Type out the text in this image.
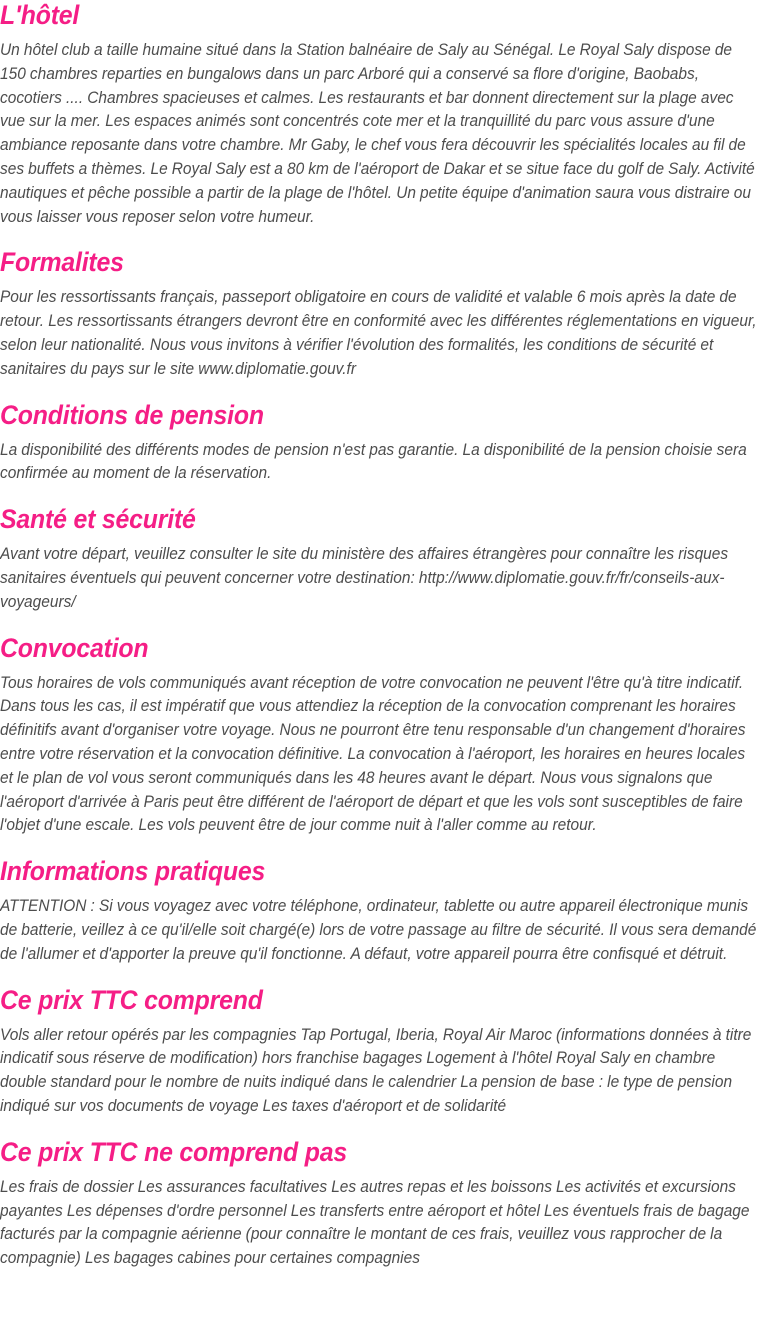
L'hôtel

Un hôtel club a taille humaine situé dans la Station balnéaire de Saly au Sénégal. Le Royal Saly dispose de 150 chambres reparties en bungalows dans un parc Arboré qui a conservé sa flore d'origine, Baobabs, cocotiers .... Chambres spacieuses et calmes. Les restaurants et bar donnent directement sur la plage avec vue sur la mer. Les espaces animés sont concentrés cote mer et la tranquillité du parc vous assure d'une ambiance reposante dans votre chambre. Mr Gaby, le chef vous fera découvrir les spécialités locales au fil de ses buffets a thèmes. Le Royal Saly est a 80 km de l'aéroport de Dakar et se situe face du golf de Saly. Activité nautiques et pêche possible a partir de la plage de l'hôtel. Un petite équipe d'animation saura vous distraire ou vous laisser vous reposer selon votre humeur.

Formalites

Pour les ressortissants français, passeport obligatoire en cours de validité et valable 6 mois après la date de retour. Les ressortissants étrangers devront être en conformité avec les différentes réglementations en vigueur, selon leur nationalité. Nous vous invitons à vérifier l'évolution des formalités, les conditions de sécurité et sanitaires du pays sur le site www.diplomatie.gouv.fr

Conditions de pension

La disponibilité des différents modes de pension n'est pas garantie. La disponibilité de la pension choisie sera confirmée au moment de la réservation.

Santé et sécurité

Avant votre départ, veuillez consulter le site du ministère des affaires étrangères pour connaître les risques sanitaires éventuels qui peuvent concerner votre destination: http://www.diplomatie.gouv.fr/fr/conseils-aux-voyageurs/

Convocation

Tous horaires de vols communiqués avant réception de votre convocation ne peuvent l'être qu'à titre indicatif. Dans tous les cas, il est impératif que vous attendiez la réception de la convocation comprenant les horaires définitifs avant d'organiser votre voyage. Nous ne pourront être tenu responsable d'un changement d'horaires entre votre réservation et la convocation définitive. La convocation à l'aéroport, les horaires en heures locales et le plan de vol vous seront communiqués dans les 48 heures avant le départ. Nous vous signalons que l'aéroport d'arrivée à Paris peut être différent de l'aéroport de départ et que les vols sont susceptibles de faire l'objet d'une escale. Les vols peuvent être de jour comme nuit à l'aller comme au retour.

Informations pratiques

ATTENTION : Si vous voyagez avec votre téléphone, ordinateur, tablette ou autre appareil électronique munis de batterie, veillez à ce qu'il/elle soit chargé(e) lors de votre passage au filtre de sécurité. Il vous sera demandé de l'allumer et d'apporter la preuve qu'il fonctionne. A défaut, votre appareil pourra être confisqué et détruit.

Ce prix TTC comprend

Vols aller retour opérés par les compagnies Tap Portugal, Iberia, Royal Air Maroc (informations données à titre indicatif sous réserve de modification) hors franchise bagages Logement à l'hôtel Royal Saly en chambre double standard pour le nombre de nuits indiqué dans le calendrier La pension de base : le type de pension indiqué sur vos documents de voyage Les taxes d'aéroport et de solidarité

Ce prix TTC ne comprend pas

Les frais de dossier Les assurances facultatives Les autres repas et les boissons Les activités et excursions payantes Les dépenses d'ordre personnel Les transferts entre aéroport et hôtel Les éventuels frais de bagage facturés par la compagnie aérienne (pour connaître le montant de ces frais, veuillez vous rapprocher de la compagnie) Les bagages cabines pour certaines compagnies
